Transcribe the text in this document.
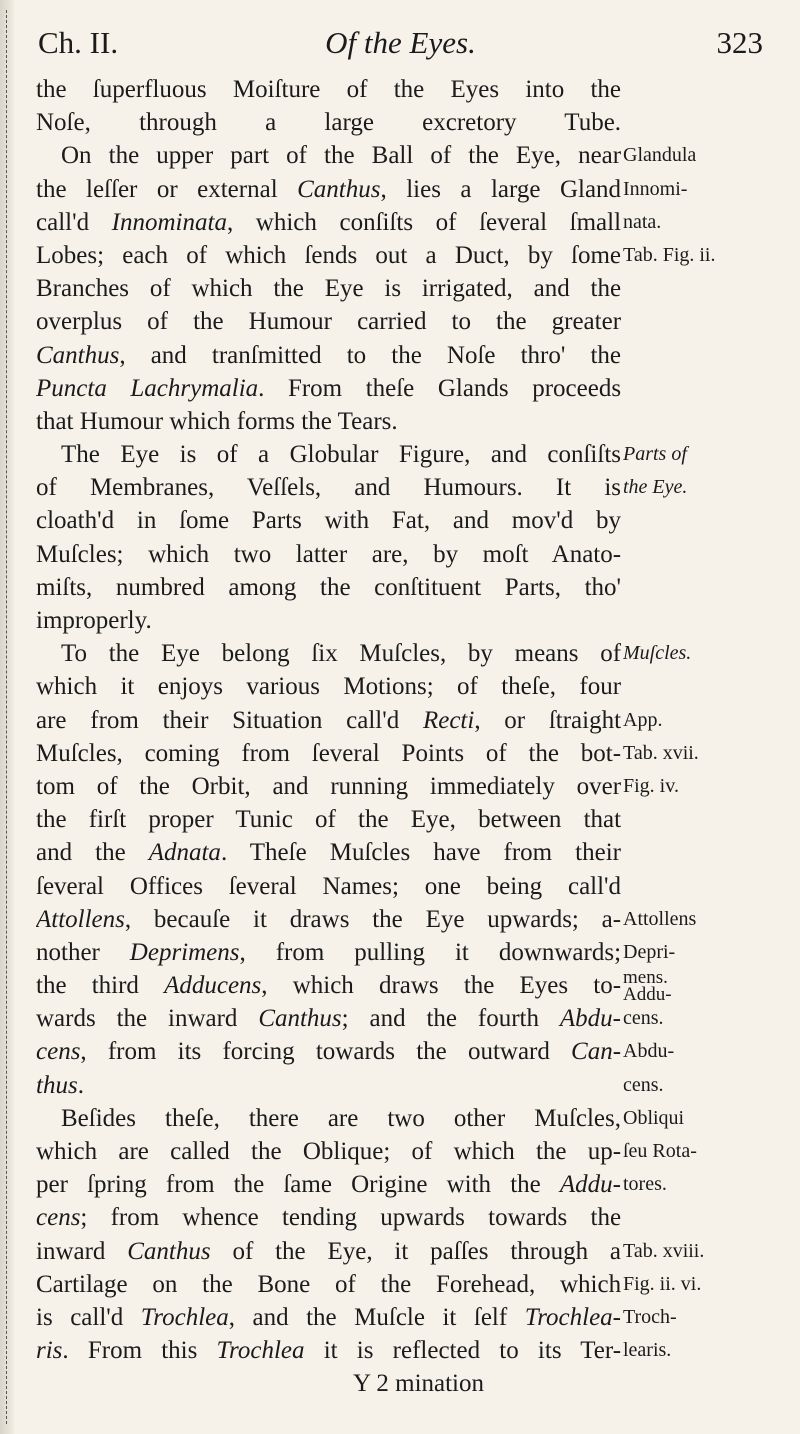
Ch. II.	Of the Eyes.	323
the ſuperfluous Moiſture of the Eyes into the
Noſe, through a large excretory Tube.
On the upper part of the Ball of the Eye, near
the leſſer or external Canthus, lies a large Gland
call'd Innominata, which conſiſts of ſeveral ſmall
Lobes; each of which ſends out a Duct, by ſome
Branches of which the Eye is irrigated, and the
overplus of the Humour carried to the greater
Canthus, and tranſmitted to the Noſe thro' the
Puncta Lachrymalia. From theſe Glands proceeds
that Humour which forms the Tears.
The Eye is of a Globular Figure, and conſiſts
of Membranes, Veſſels, and Humours. It is
cloath'd in ſome Parts with Fat, and mov'd by
Muſcles; which two latter are, by moſt Anato-
miſts, numbred among the conſtituent Parts, tho'
improperly.
To the Eye belong ſix Muſcles, by means of
which it enjoys various Motions; of theſe, four
are from their Situation call'd Recti, or ſtraight
Muſcles, coming from ſeveral Points of the bot-
tom of the Orbit, and running immediately over
the firſt proper Tunic of the Eye, between that
and the Adnata. Theſe Muſcles have from their
ſeveral Offices ſeveral Names; one being call'd
Attollens, becauſe it draws the Eye upwards; a-
nother Deprimens, from pulling it downwards;
the third Adducens, which draws the Eyes to-
wards the inward Canthus; and the fourth Abdu-
cens, from its forcing towards the outward Can-
thus.
Beſides theſe, there are two other Muſcles,
which are called the Oblique; of which the up-
per ſpring from the ſame Origine with the Addu-
cens; from whence tending upwards towards the
inward Canthus of the Eye, it paſſes through a
Cartilage on the Bone of the Forehead, which
is call'd Trochlea, and the Muſcle it ſelf Trochlea-
ris. From this Trochlea it is reflected to its Ter-
Y 2 mination
Glandula
Innomi-
nata.
Tab. Fig. ii.
Parts of
the Eye.
Muſcles.
App.
Tab. xvii.
Fig. iv.
Attollens
Depri-
mens.
Addu-
cens.
Abdu-
cens.
Obliqui
ſeu Rota-
tores.
Tab. xviii.
Fig. ii. vi.
Troch-
learis.
